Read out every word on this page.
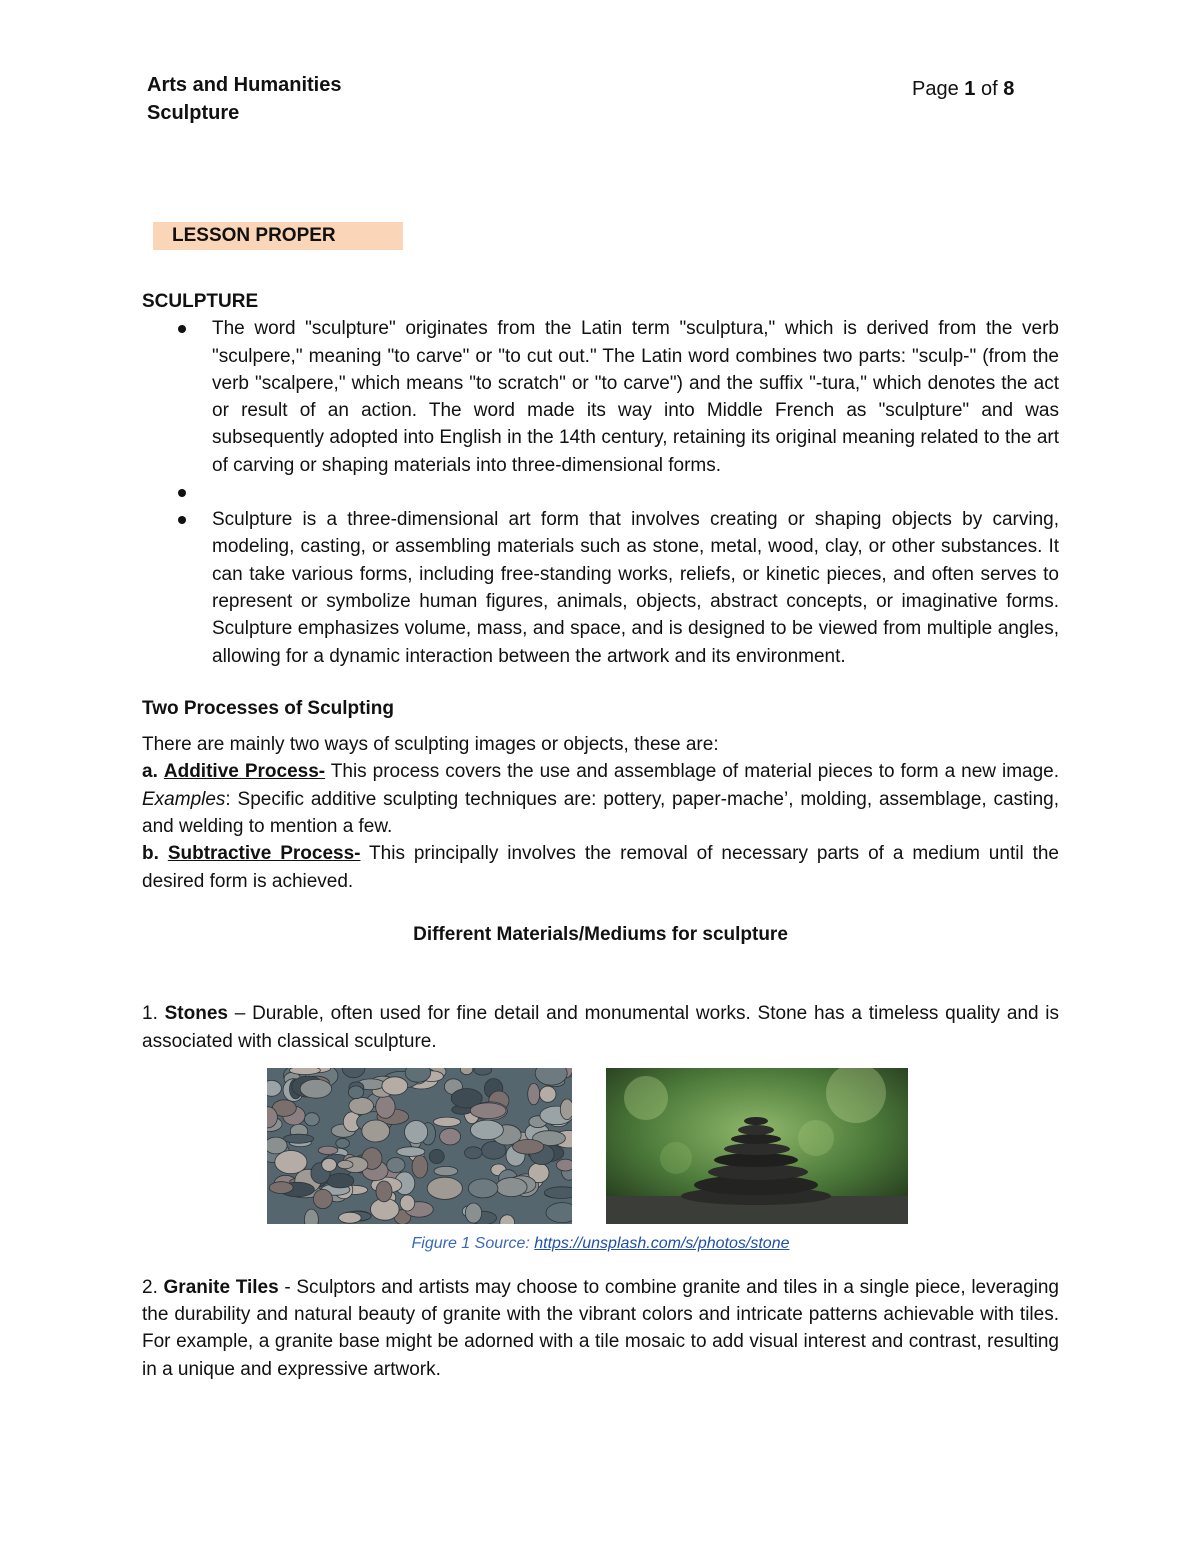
Arts and Humanities
Sculpture
Page 1 of 8
LESSON PROPER
SCULPTURE
The word "sculpture" originates from the Latin term "sculptura," which is derived from the verb "sculpere," meaning "to carve" or "to cut out." The Latin word combines two parts: "sculp-" (from the verb "scalpere," which means "to scratch" or "to carve") and the suffix "-tura," which denotes the act or result of an action. The word made its way into Middle French as "sculpture" and was subsequently adopted into English in the 14th century, retaining its original meaning related to the art of carving or shaping materials into three-dimensional forms.
Sculpture is a three-dimensional art form that involves creating or shaping objects by carving, modeling, casting, or assembling materials such as stone, metal, wood, clay, or other substances. It can take various forms, including free-standing works, reliefs, or kinetic pieces, and often serves to represent or symbolize human figures, animals, objects, abstract concepts, or imaginative forms. Sculpture emphasizes volume, mass, and space, and is designed to be viewed from multiple angles, allowing for a dynamic interaction between the artwork and its environment.
Two Processes of Sculpting

There are mainly two ways of sculpting images or objects, these are:

a. Additive Process- This process covers the use and assemblage of material pieces to form a new image. Examples: Specific additive sculpting techniques are: pottery, paper-mache’, molding, assemblage, casting, and welding to mention a few.

b. Subtractive Process- This principally involves the removal of necessary parts of a medium until the desired form is achieved.

Different Materials/Mediums for sculpture

1. Stones – Durable, often used for fine detail and monumental works. Stone has a timeless quality and is associated with classical sculpture.

Figure 1 Source: https://unsplash.com/s/photos/stone

2. Granite Tiles - Sculptors and artists may choose to combine granite and tiles in a single piece, leveraging the durability and natural beauty of granite with the vibrant colors and intricate patterns achievable with tiles. For example, a granite base might be adorned with a tile mosaic to add visual interest and contrast, resulting in a unique and expressive artwork.
